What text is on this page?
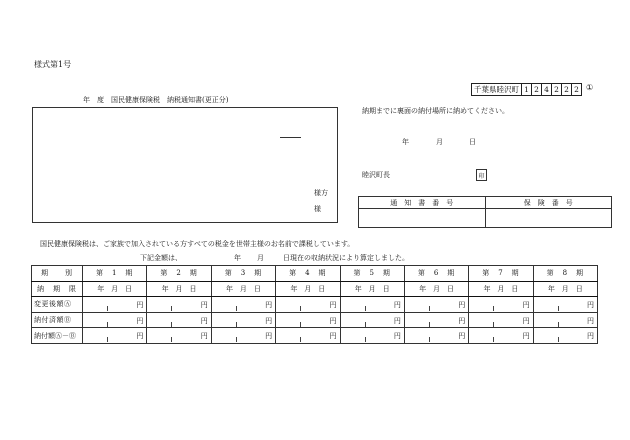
様式第1号
千葉県睦沢町 1 2 4 2 2 2 ①
年　度　国民健康保険税　納税通知書(更正分)
様方
様
納期までに裏面の納付場所に納めてください。
年	月	日
睦沢町長	印
通　知　書　番　号	保　険　番　号

国民健康保険税は、ご家族で加入されている方すべての税金を世帯主様のお名前で課税しています。
下記金額は、	年 月	日現在の収納状況により算定しました。
期　　別	第　1　期	第　2　期	第　3　期	第　4　期	第　5　期	第　6　期	第　7　期	第　8　期
納　期　限	年　月　日	年　月　日	年　月　日	年　月　日	年　月　日	年　月　日	年　月　日	年　月　日
変更後額Ⓐ	円	円	円	円	円	円	円	円

納付済額Ⓑ	円	円	円	円	円	円	円	円

納付額Ⓐ－Ⓑ	円	円	円	円	円	円	円	円
